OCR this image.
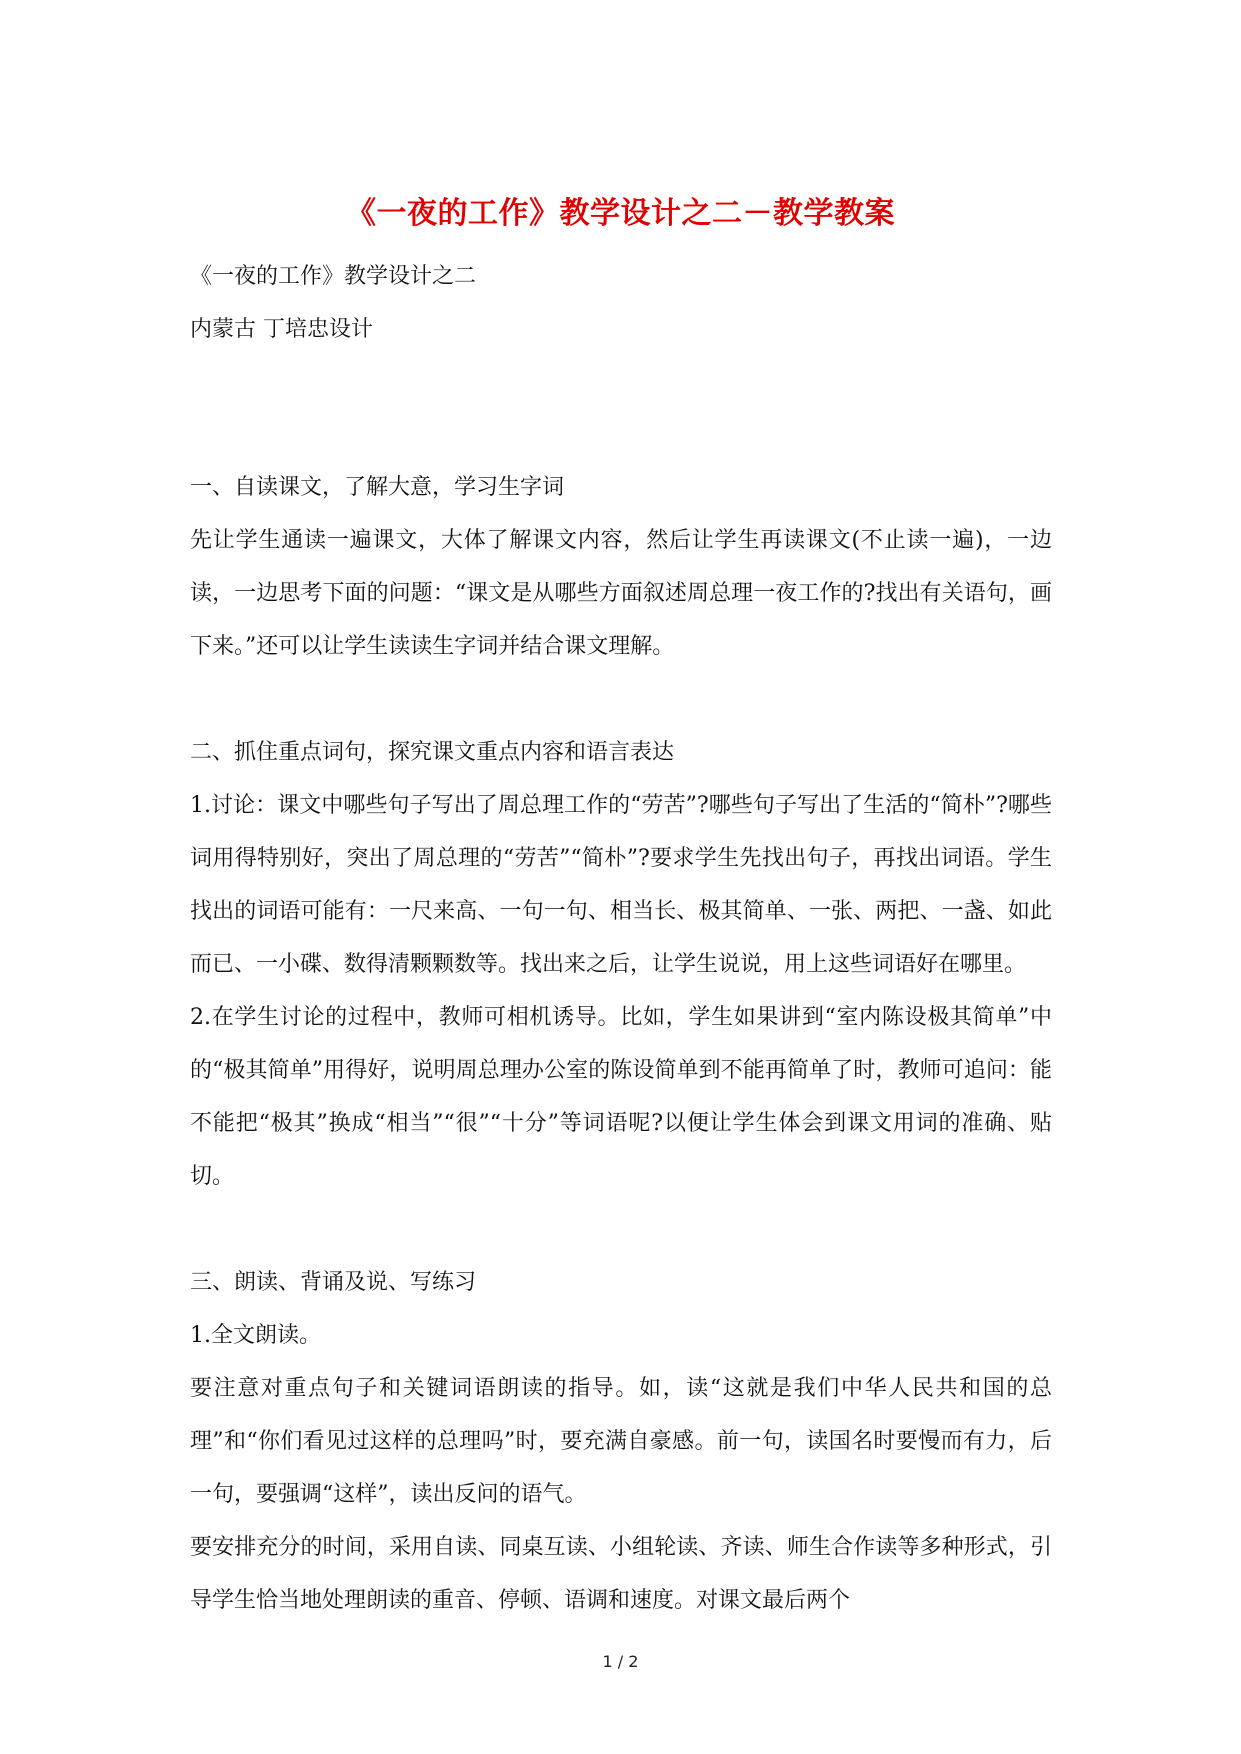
《一夜的工作》教学设计之二－教学教案
《一夜的工作》教学设计之二
内蒙古 丁培忠设计
一、自读课文，了解大意，学习生字词
先让学生通读一遍课文，大体了解课文内容，然后让学生再读课文(不止读一遍)，一边读，一边思考下面的问题：“课文是从哪些方面叙述周总理一夜工作的?找出有关语句，画下来。”还可以让学生读读生字词并结合课文理解。
二、抓住重点词句，探究课文重点内容和语言表达
1.讨论：课文中哪些句子写出了周总理工作的“劳苦”?哪些句子写出了生活的“简朴”?哪些词用得特别好，突出了周总理的“劳苦”“简朴”?要求学生先找出句子，再找出词语。学生找出的词语可能有：一尺来高、一句一句、相当长、极其简单、一张、两把、一盏、如此而已、一小碟、数得清颗颗数等。找出来之后，让学生说说，用上这些词语好在哪里。
2.在学生讨论的过程中，教师可相机诱导。比如，学生如果讲到“室内陈设极其简单”中的“极其简单”用得好，说明周总理办公室的陈设简单到不能再简单了时，教师可追问：能不能把“极其”换成“相当”“很”“十分”等词语呢?以便让学生体会到课文用词的准确、贴切。
三、朗读、背诵及说、写练习
1.全文朗读。
要注意对重点句子和关键词语朗读的指导。如，读“这就是我们中华人民共和国的总理”和“你们看见过这样的总理吗”时，要充满自豪感。前一句，读国名时要慢而有力，后一句，要强调“这样”，读出反问的语气。
要安排充分的时间，采用自读、同桌互读、小组轮读、齐读、师生合作读等多种形式，引导学生恰当地处理朗读的重音、停顿、语调和速度。对课文最后两个
1 / 2
